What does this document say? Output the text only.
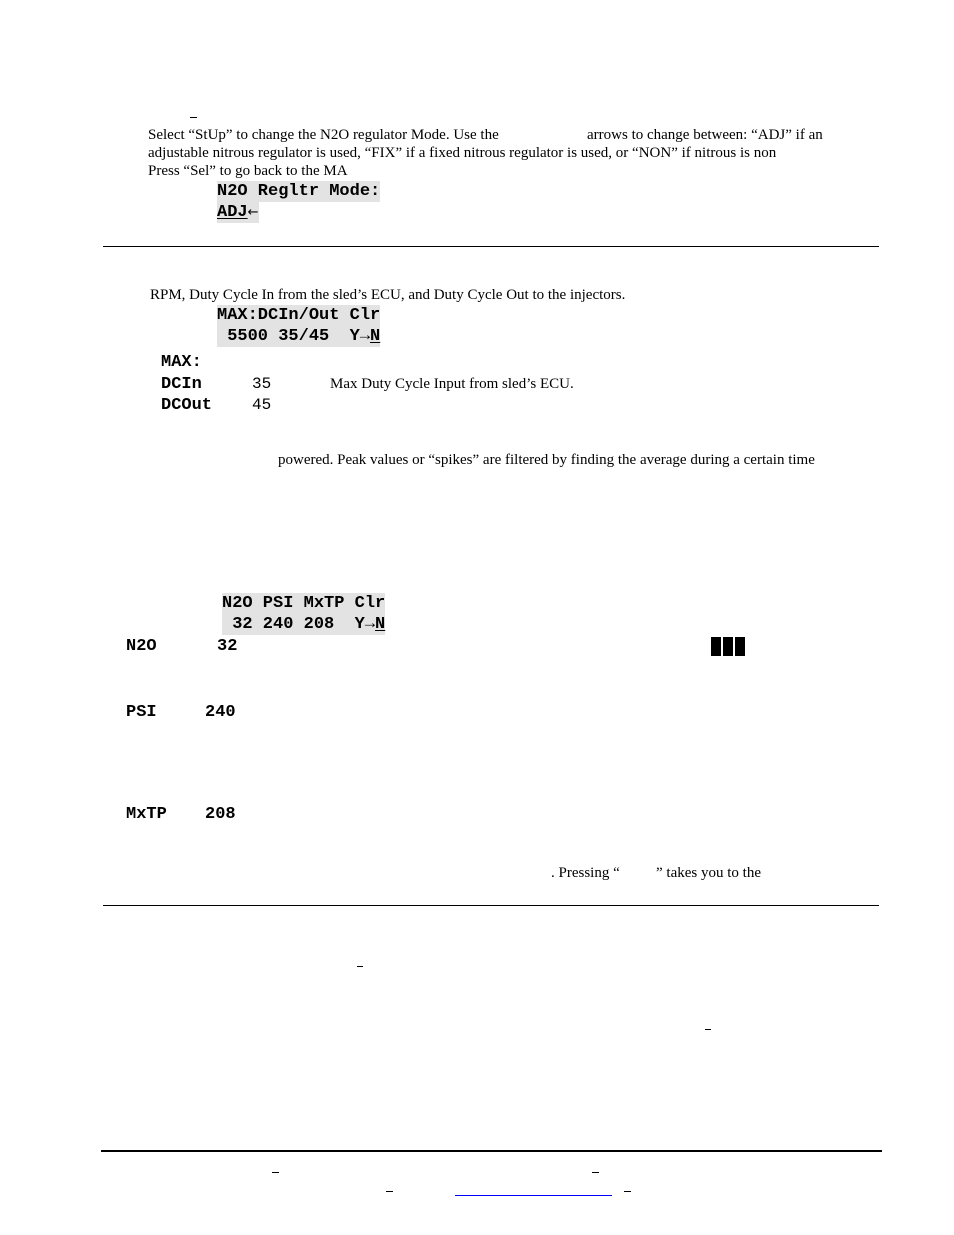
Select “StUp” to change the N2O regulator Mode. Use the	arrows to change between: “ADJ” if an
adjustable nitrous regulator is used, “FIX” if a fixed nitrous regulator is used, or “NON” if nitrous is non
Press “Sel” to go back to the MA
N2O Regltr Mode:
ADJ←
RPM, Duty Cycle In from the sled’s ECU, and Duty Cycle Out to the injectors.
MAX:DCIn/Out Clr
5500 35/45  Y→N
MAX:
DCIn	35	Max Duty Cycle Input from sled’s ECU.
DCOut 45
powered. Peak values or “spikes” are filtered by finding the average during a certain time
N2O PSI MxTP Clr
32 240 208  Y→N
N2O	32
PSI	240
MxTP 208
. Pressing “ ” takes you to the
